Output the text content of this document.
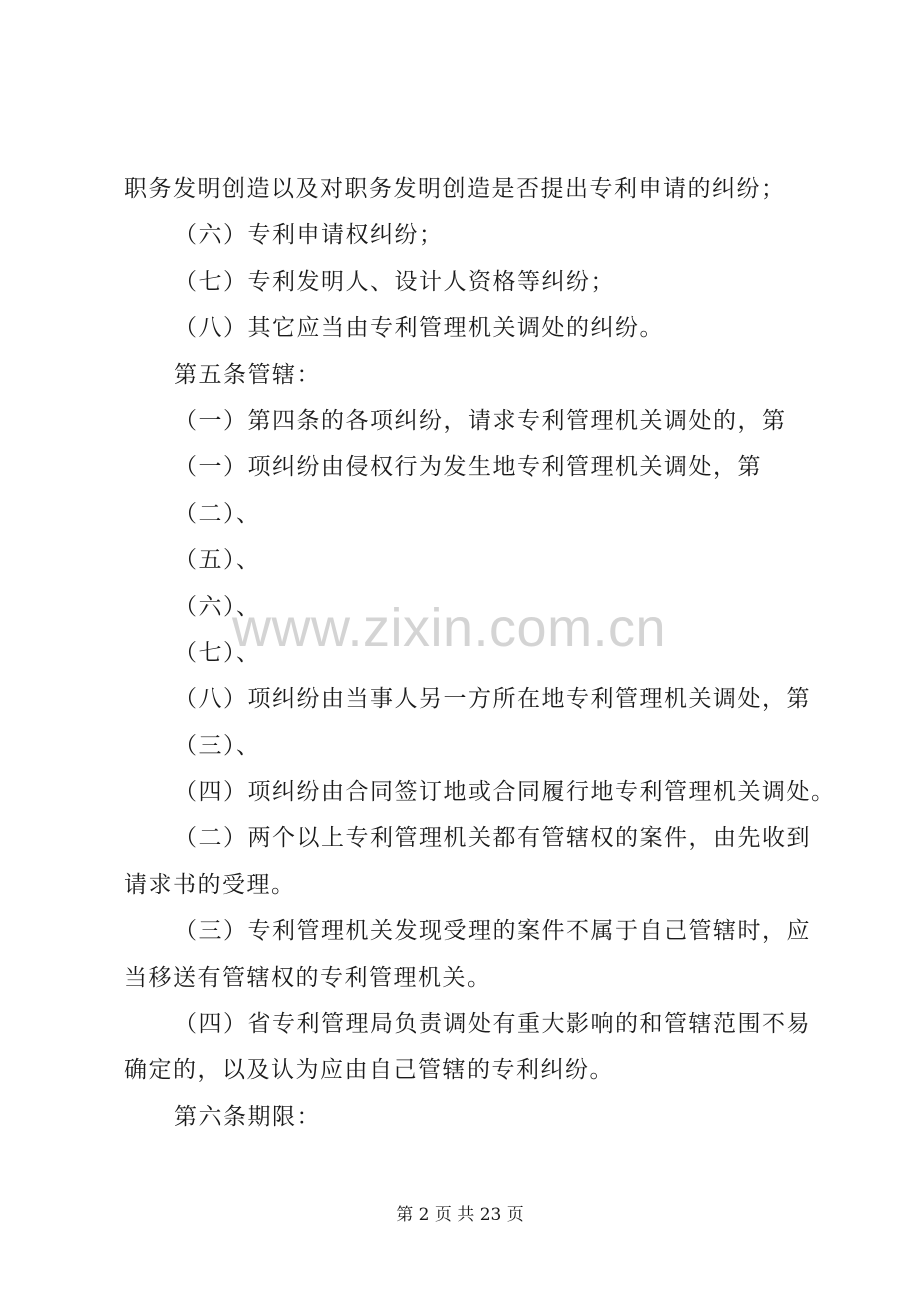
职务发明创造以及对职务发明创造是否提出专利申请的纠纷；
（六）专利申请权纠纷；
（七）专利发明人、设计人资格等纠纷；
（八）其它应当由专利管理机关调处的纠纷。
第五条管辖：
（一）第四条的各项纠纷，请求专利管理机关调处的，第
（一）项纠纷由侵权行为发生地专利管理机关调处，第
（二）、
（五）、
（六）、
（七）、
（八）项纠纷由当事人另一方所在地专利管理机关调处，第
（三）、
（四）项纠纷由合同签订地或合同履行地专利管理机关调处。
（二）两个以上专利管理机关都有管辖权的案件，由先收到
请求书的受理。
（三）专利管理机关发现受理的案件不属于自己管辖时，应
当移送有管辖权的专利管理机关。
（四）省专利管理局负责调处有重大影响的和管辖范围不易
确定的，以及认为应由自己管辖的专利纠纷。
第六条期限：
www.zixin.com.cn
第 2 页 共 23 页
